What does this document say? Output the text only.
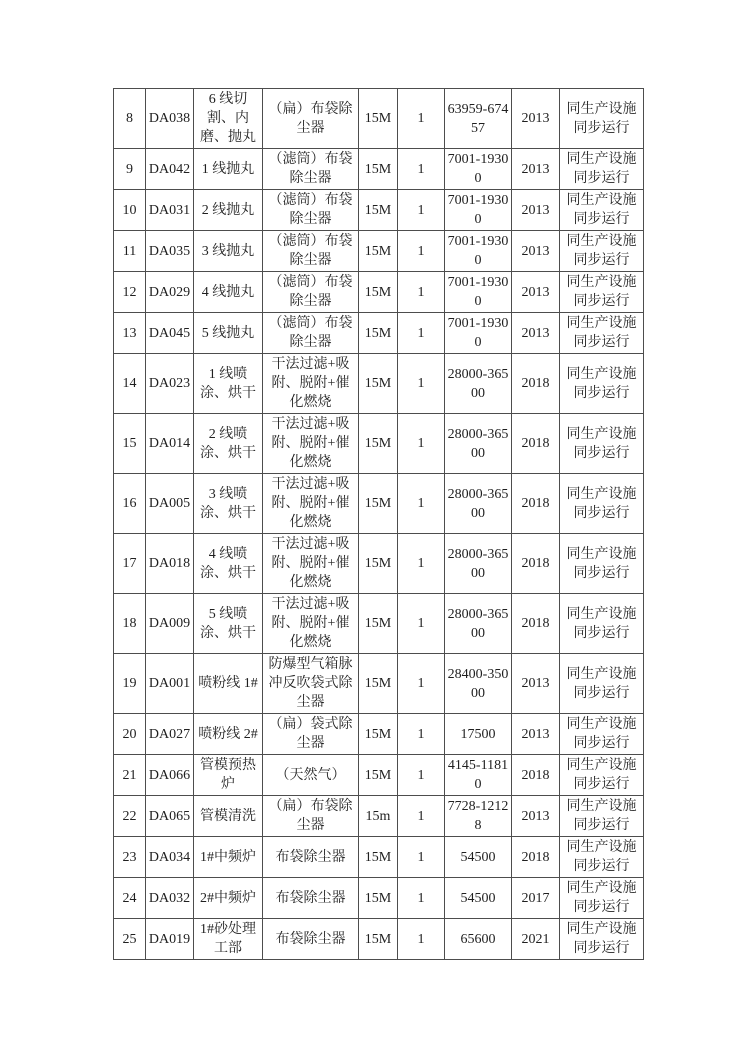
8	DA038	6 线切割、内磨、抛丸	（扁）布袋除尘器	15M	1	63959-67457	2013	同生产设施同步运行
9	DA042	1 线抛丸	（滤筒）布袋除尘器	15M	1	7001-19300	2013	同生产设施同步运行
10	DA031	2 线抛丸	（滤筒）布袋除尘器	15M	1	7001-19300	2013	同生产设施同步运行
11	DA035	3 线抛丸	（滤筒）布袋除尘器	15M	1	7001-19300	2013	同生产设施同步运行
12	DA029	4 线抛丸	（滤筒）布袋除尘器	15M	1	7001-19300	2013	同生产设施同步运行
13	DA045	5 线抛丸	（滤筒）布袋除尘器	15M	1	7001-19300	2013	同生产设施同步运行
14	DA023	1 线喷涂、烘干	干法过滤+吸附、脱附+催化燃烧	15M	1	28000-36500	2018	同生产设施同步运行
15	DA014	2 线喷涂、烘干	干法过滤+吸附、脱附+催化燃烧	15M	1	28000-36500	2018	同生产设施同步运行
16	DA005	3 线喷涂、烘干	干法过滤+吸附、脱附+催化燃烧	15M	1	28000-36500	2018	同生产设施同步运行
17	DA018	4 线喷涂、烘干	干法过滤+吸附、脱附+催化燃烧	15M	1	28000-36500	2018	同生产设施同步运行
18	DA009	5 线喷涂、烘干	干法过滤+吸附、脱附+催化燃烧	15M	1	28000-36500	2018	同生产设施同步运行
19	DA001	喷粉线 1#	防爆型气箱脉冲反吹袋式除尘器	15M	1	28400-35000	2013	同生产设施同步运行
20	DA027	喷粉线 2#	（扁）袋式除尘器	15M	1	17500	2013	同生产设施同步运行
21	DA066	管模预热炉	（天然气）	15M	1	4145-11810	2018	同生产设施同步运行
22	DA065	管模清洗	（扁）布袋除尘器	15m	1	7728-12128	2013	同生产设施同步运行
23	DA034	1#中频炉	布袋除尘器	15M	1	54500	2018	同生产设施同步运行
24	DA032	2#中频炉	布袋除尘器	15M	1	54500	2017	同生产设施同步运行
25	DA019	1#砂处理工部	布袋除尘器	15M	1	65600	2021	同生产设施同步运行
